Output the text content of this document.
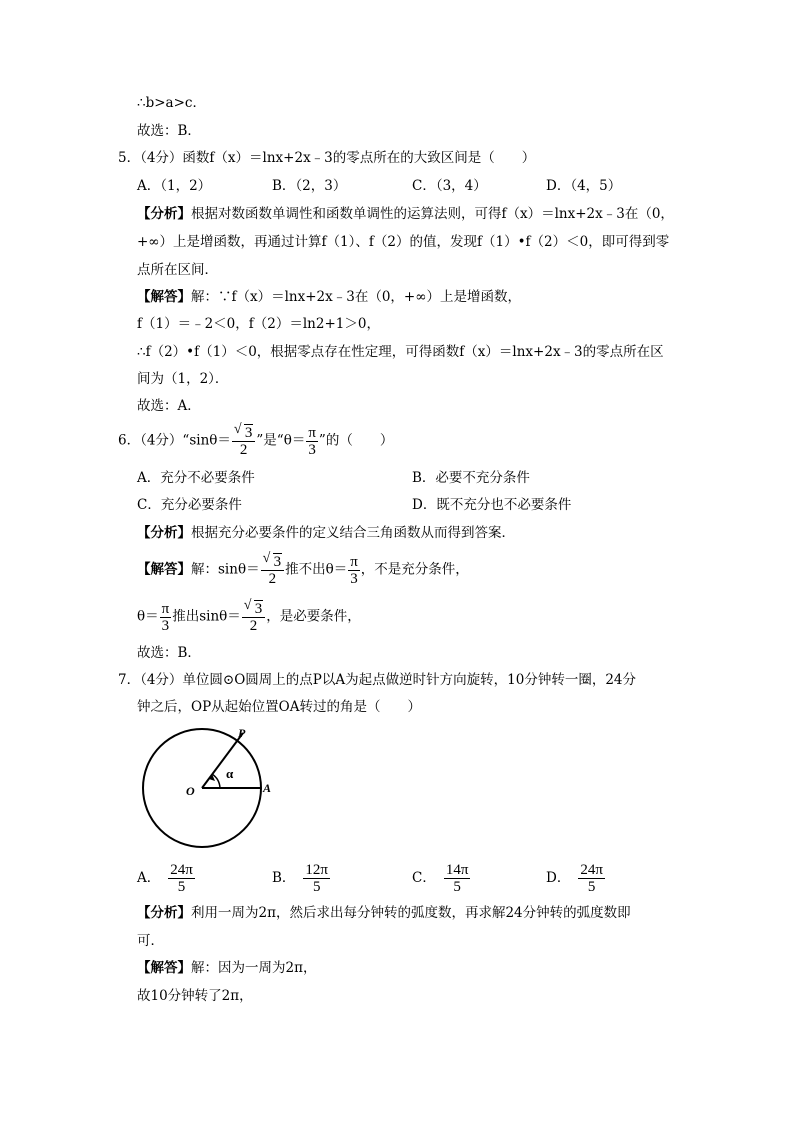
∴b>a>c．
故选：B．
5．（4分）函数f（x）＝lnx+2x﹣3的零点所在的大致区间是（　　）
A．（1，2）	B．（2，3）	C．（3，4）	D．（4，5）
【分析】根据对数函数单调性和函数单调性的运算法则，可得f（x）＝lnx+2x﹣3在（0，
+∞）上是增函数，再通过计算f（1）、f（2）的值，发现f（1）•f（2）＜0，即可得到零
点所在区间．
【解答】解：∵f（x）＝lnx+2x﹣3在（0，+∞）上是增函数，
f（1）＝﹣2＜0，f（2）＝ln2+1＞0，
∴f（2）•f（1）＜0，根据零点存在性定理，可得函数f（x）＝lnx+2x﹣3的零点所在区
间为（1，2）．
故选：A．
6．（4分）“sinθ＝ $\frac{√ 3}{2}$ ”是“$\theta= \frac{\pi}{3}$ ”的（　　）
A．充分不必要条件	B．必要不充分条件
C．充分必要条件	D．既不充分也不必要条件
【分析】根据充分必要条件的定义结合三角函数从而得到答案．
【解答】解：$\sin\theta= \frac{√ 3}{2}$ 推不出$\theta= \frac{\pi}{3}$ ，不是充分条件，
$\theta= \frac{\pi}{3}$ 推出$\sin\theta= \frac{√ 3}{2}$ ，是必要条件，
故选：B．
7．（4分）单位圆⊙O圆周上的点P以A为起点做逆时针方向旋转，10分钟转一圈，24分
钟之后，OP从起始位置OA转过的角是（　　）
P
O	A
α
A． $\frac{24\pi}{5}$	B． $\frac{12\pi}{5}$	C． $\frac{14\pi}{5}$	D． $\frac{24\pi}{5}$
【分析】利用一周为2π，然后求出每分钟转的弧度数，再求解24分钟转的弧度数即
可．
【解答】解：因为一周为2π，
故10分钟转了2π，
